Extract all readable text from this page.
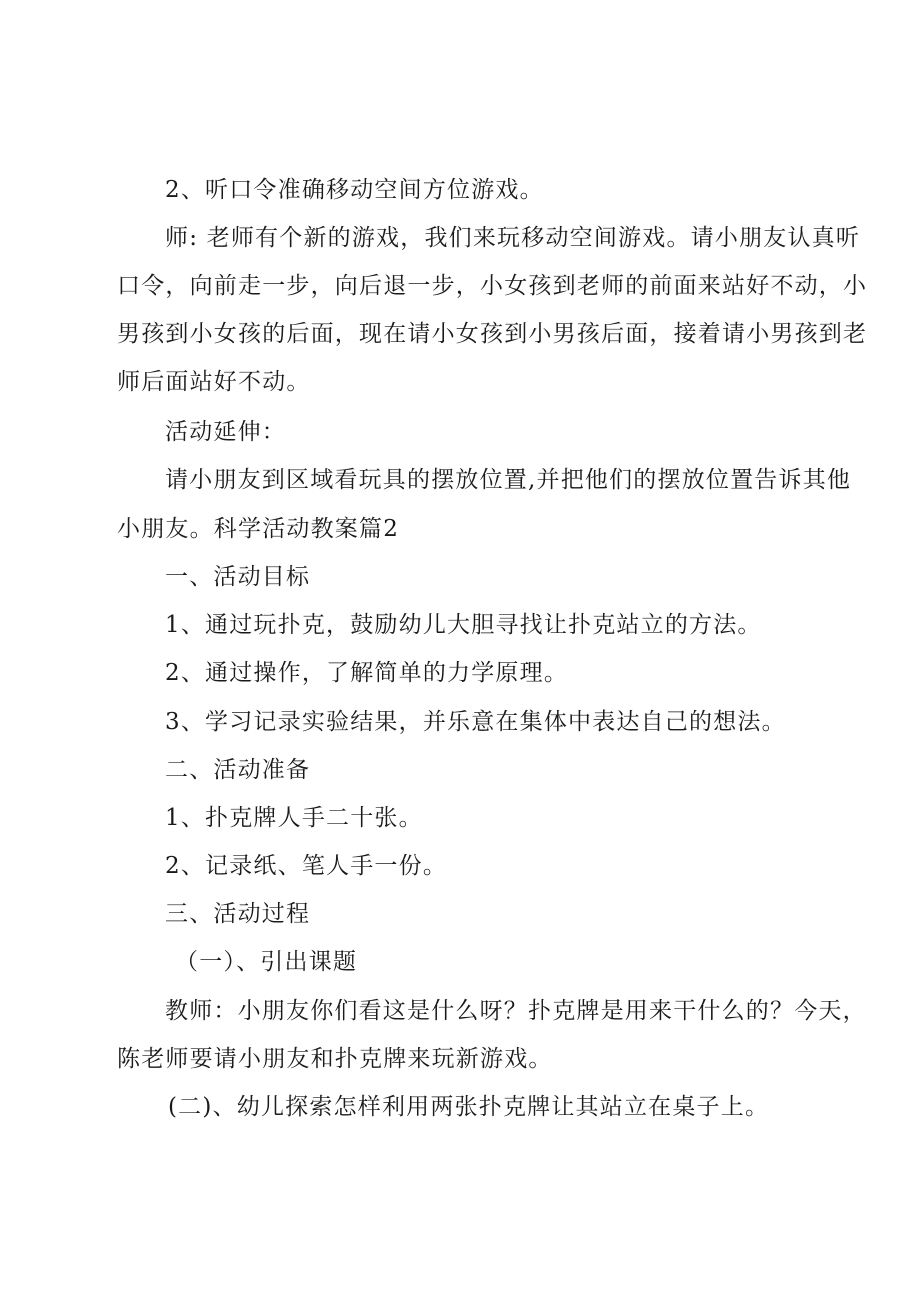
2、听口令准确移动空间方位游戏。
师: 老师有个新的游戏，我们来玩移动空间游戏。请小朋友认真听
口令，向前走一步，向后退一步，小女孩到老师的前面来站好不动，小
男孩到小女孩的后面，现在请小女孩到小男孩后面，接着请小男孩到老
师后面站好不动。
活动延伸：
请小朋友到区域看玩具的摆放位置,并把他们的摆放位置告诉其他
小朋友。科学活动教案篇2
一、活动目标
1、通过玩扑克，鼓励幼儿大胆寻找让扑克站立的方法。
2、通过操作，了解简单的力学原理。
3、学习记录实验结果，并乐意在集体中表达自己的想法。
二、活动准备
1、扑克牌人手二十张。
2、记录纸、笔人手一份。
三、活动过程
（一）、引出课题
教师：小朋友你们看这是什么呀？扑克牌是用来干什么的？今天，
陈老师要请小朋友和扑克牌来玩新游戏。
(二)、幼儿探索怎样利用两张扑克牌让其站立在桌子上。
